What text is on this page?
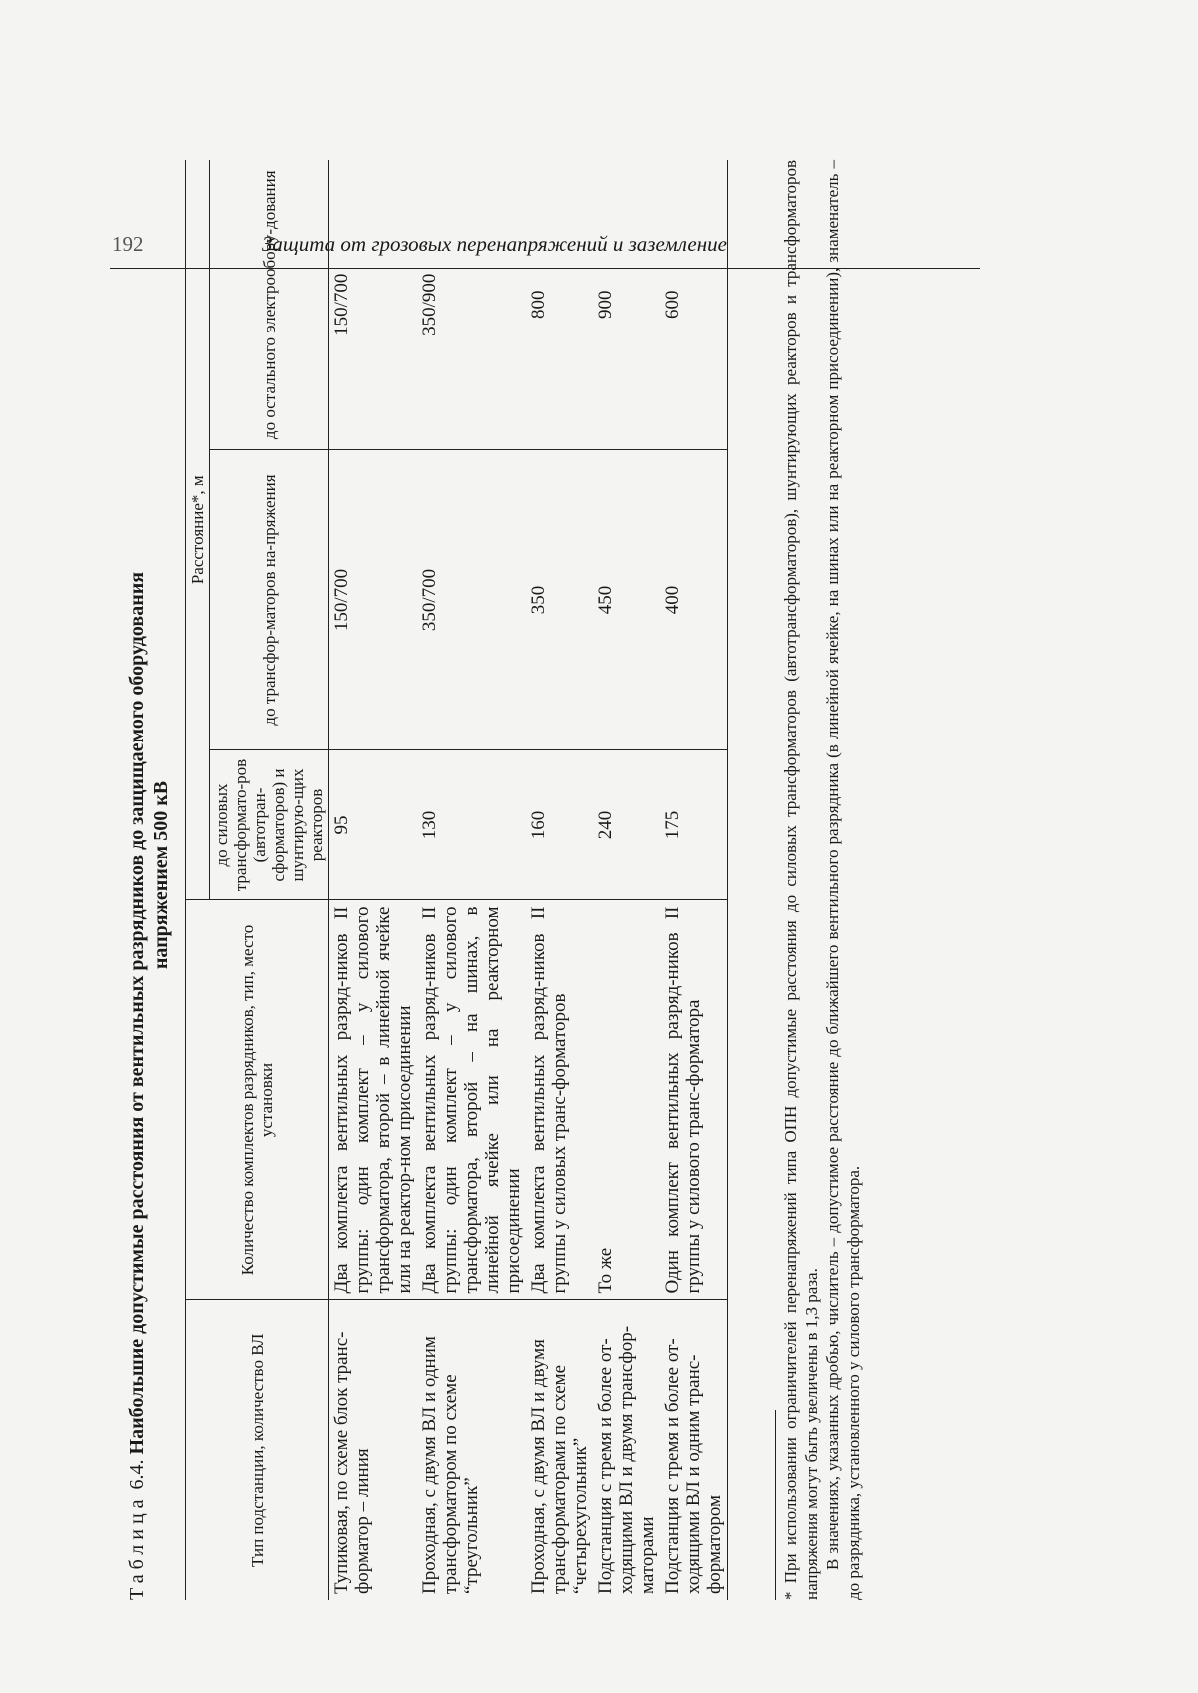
192	Защита от грозовых перенапряжений и заземление
Таблица 6.4. Наибольшие допустимые расстояния от вентильных разрядников до защищаемого оборудования напряжением 500 кВ
Тип подстанции, количество ВЛ	Количество комплектов разрядников, тип, место установки	Расстояние*, м		
		до силовых трансформато-ров (автотран-сформаторов) и шунтирую-щих реакторов	до трансфор-маторов на-пряжения	до остального электрообору-дования
Тупиковая, по схеме блок транс-форматор – линия	Два комплекта вентильных разряд-ников II группы: один комплект – у силового трансформатора, второй – в линейной ячейке или на реактор-ном присоединении	95	150/700	150/700
Проходная, с двумя ВЛ и одним трансформатором по схеме “треугольник”	Два комплекта вентильных разряд-ников II группы: один комплект – у силового трансформатора, второй – на шинах, в линейной ячейке или на реакторном присоединении	130	350/700	350/900
Проходная, с двумя ВЛ и двумя трансформаторами по схеме “четырехугольник”	Два комплекта вентильных разряд-ников II группы у силовых транс-форматоров	160	350	800
Подстанция с тремя и более от-ходящими ВЛ и двумя трансфор-маторами	То же	240	450	900
Подстанция с тремя и более от-ходящими ВЛ и одним транс-форматором	Один комплект вентильных разряд-ников II группы у силового транс-форматора	175	400	600	* При использовании ограничителей перенапряжений типа ОПН допустимые расстояния до силовых трансформаторов (автотрансформаторов), шунтирующих реакторов и трансформаторов напряжения могут быть увеличены в 1,3 раза. В значениях, указанных дробью, числитель – допустимое расстояние до ближайшего вентильного разрядника (в линейной ячейке, на шинах или на реакторном присоединении), знаменатель – до разрядника, установленного у силового трансформатора.
